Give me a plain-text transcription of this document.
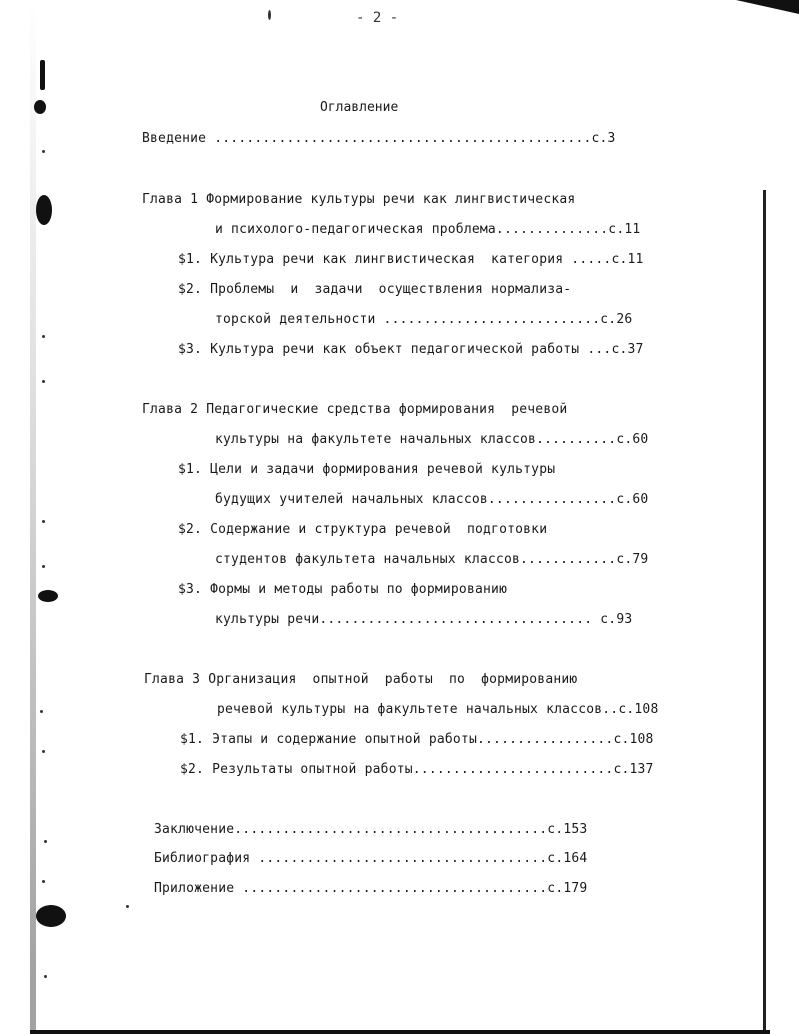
- 2 -
Оглавление
Введение ...............................................с.3
Глава 1 Формирование культуры речи как лингвистическая
и психолого-педагогическая проблема..............с.11
$1. Культура речи как лингвистическая  категория .....с.11
$2. Проблемы  и  задачи  осуществления нормализа-
торской деятельности ...........................с.26
$3. Культура речи как объект педагогической работы ...с.37
Глава 2 Педагогические средства формирования  речевой
культуры на факультете начальных классов..........с.60
$1. Цели и задачи формирования речевой культуры
будущих учителей начальных классов................с.60
$2. Содержание и структура речевой  подготовки
студентов факультета начальных классов............с.79
$3. Формы и методы работы по формированию
культуры речи.................................. с.93
Глава 3 Организация  опытной  работы  по  формированию
речевой культуры на факультете начальных классов..с.108
$1. Этапы и содержание опытной работы.................с.108
$2. Результаты опытной работы.........................с.137
Заключение.......................................с.153
Библиография ....................................с.164
Приложение ......................................с.179
